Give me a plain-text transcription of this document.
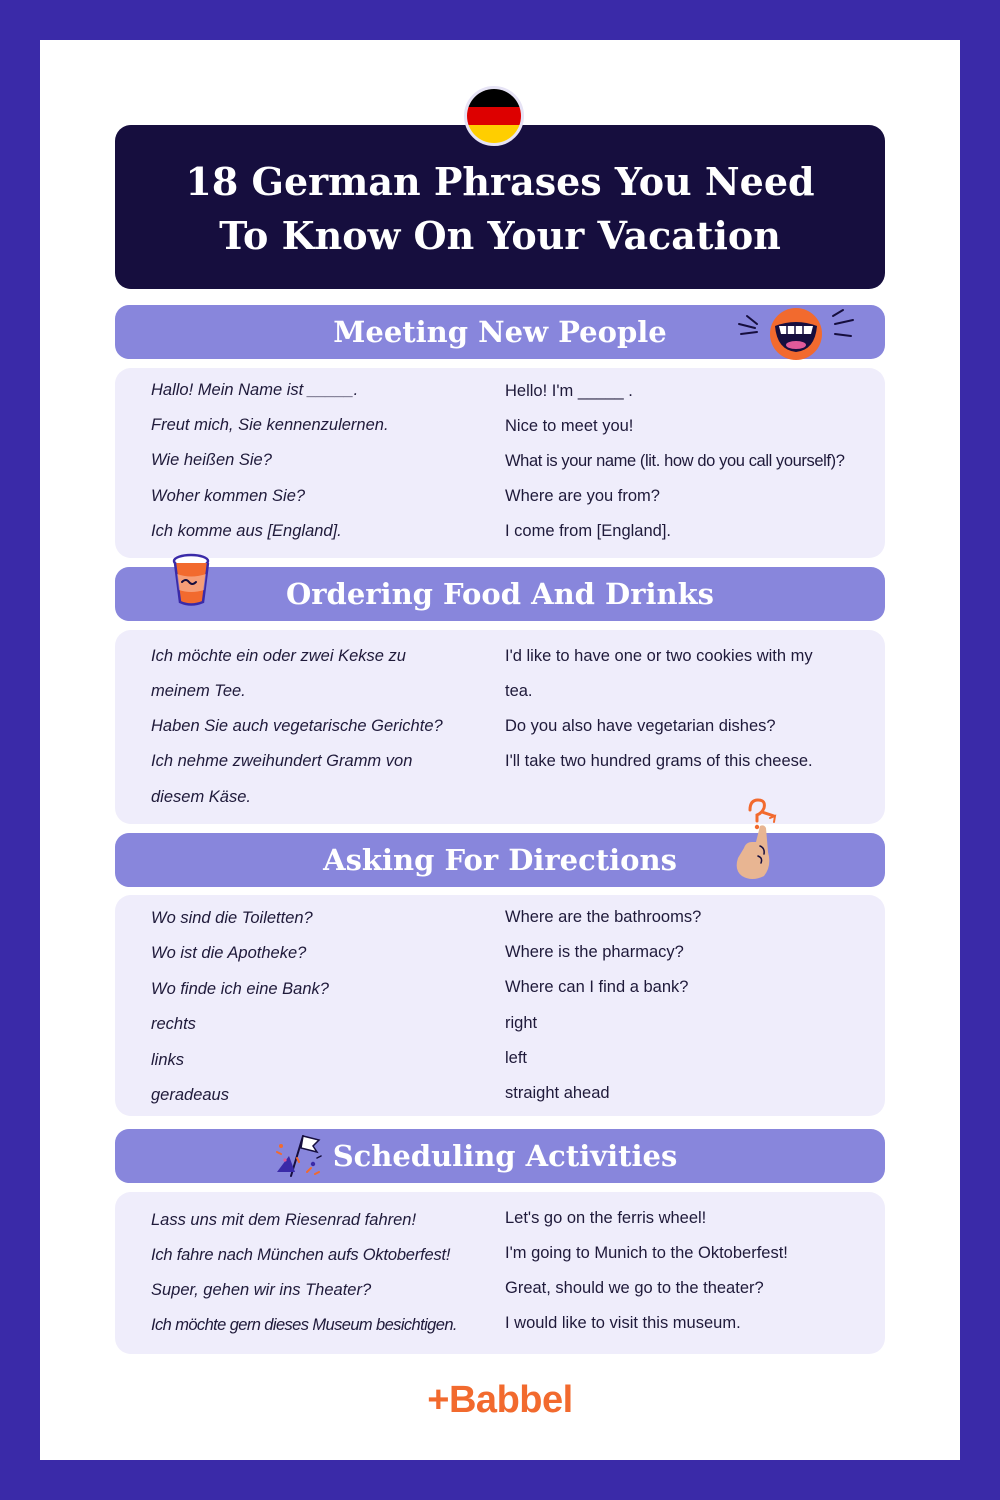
18 German Phrases You Need
To Know On Your Vacation
Meeting New People
Hallo! Mein Name ist _____.
Freut mich, Sie kennenzulernen.
Wie heißen Sie?
Woher kommen Sie?
Ich komme aus [England].
Hello! I'm _____ .
Nice to meet you!
What is your name (lit. how do you call yourself)?
Where are you from?
I come from [England].
Ordering Food And Drinks
Ich möchte ein oder zwei Kekse zu
meinem Tee.
Haben Sie auch vegetarische Gerichte?
Ich nehme zweihundert Gramm von
diesem Käse.
I'd like to have one or two cookies with my
tea.
Do you also have vegetarian dishes?
I'll take two hundred grams of this cheese.
Asking For Directions
Wo sind die Toiletten?
Wo ist die Apotheke?
Wo finde ich eine Bank?
rechts
links
geradeaus
Where are the bathrooms?
Where is the pharmacy?
Where can I find a bank?
right
left
straight ahead
Scheduling Activities
Lass uns mit dem Riesenrad fahren!
Ich fahre nach München aufs Oktoberfest!
Super, gehen wir ins Theater?
Ich möchte gern dieses Museum besichtigen.
Let's go on the ferris wheel!
I'm going to Munich to the Oktoberfest!
Great, should we go to the theater?
I would like to visit this museum.
+Babbel
